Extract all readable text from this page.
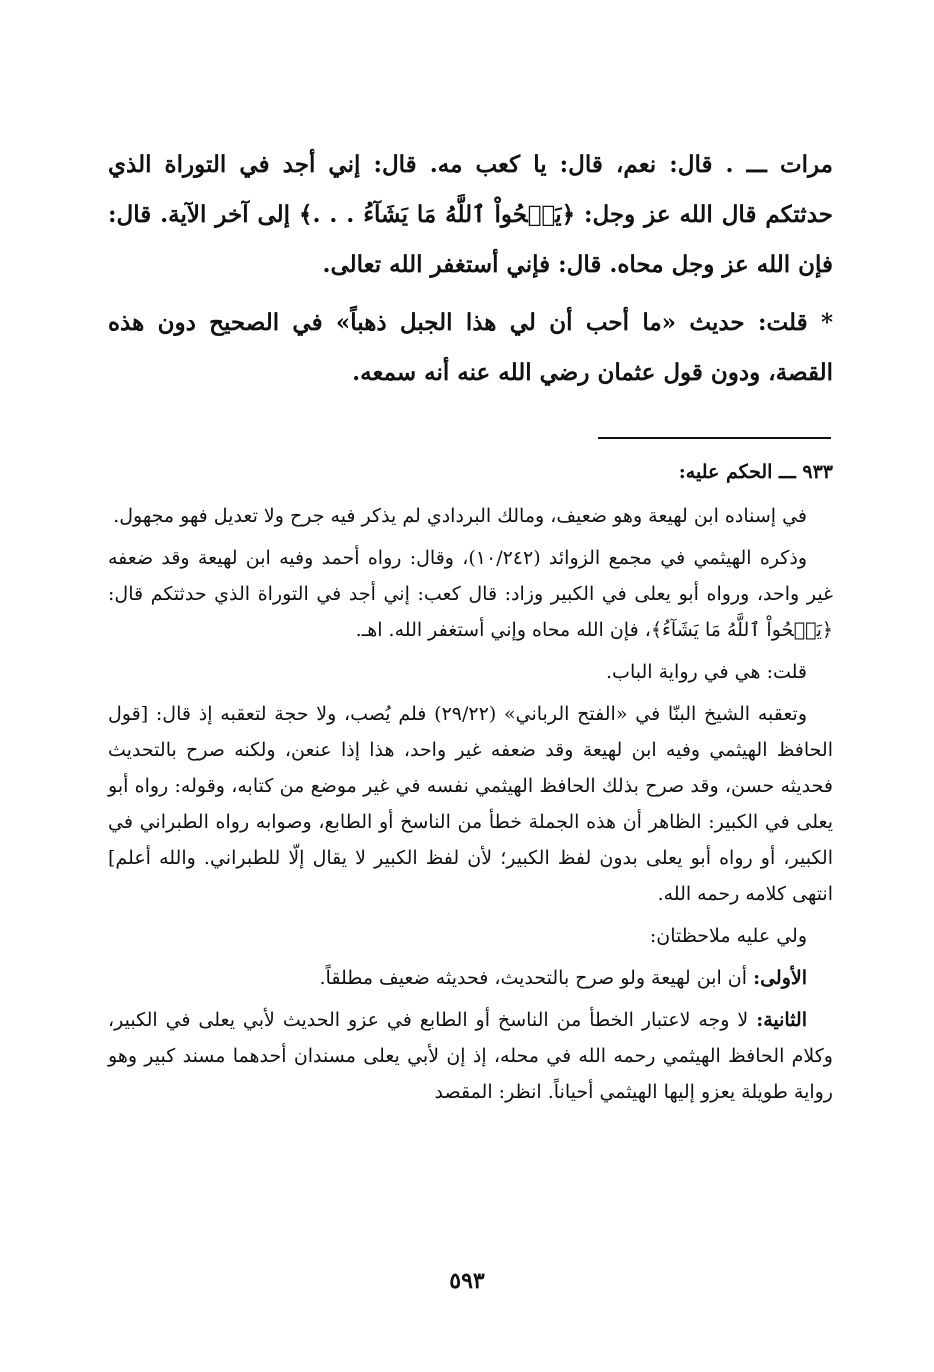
مرات ـــ . قال: نعم، قال: يا كعب مه. قال: إني أجد في التوراة الذي حدثتكم قال الله عز وجل: ﴿يَمۡحُواْ ٱللَّهُ مَا يَشَآءُ . . .﴾ إلى آخر الآية. قال: فإن الله عز وجل محاه. قال: فإني أستغفر الله تعالى.

* قلت: حديث «ما أحب أن لي هذا الجبل ذهباً» في الصحيح دون هذه القصة، ودون قول عثمان رضي الله عنه أنه سمعه.

٩٣٣ ـــ الحكم عليه:

في إسناده ابن لهيعة وهو ضعيف، ومالك البردادي لم يذكر فيه جرح ولا تعديل فهو مجهول.

وذكره الهيثمي في مجمع الزوائد (١٠/٢٤٢)، وقال: رواه أحمد وفيه ابن لهيعة وقد ضعفه غير واحد، ورواه أبو يعلى في الكبير وزاد: قال كعب: إني أجد في التوراة الذي حدثتكم قال: ﴿يَمۡحُواْ ٱللَّهُ مَا يَشَآءُ﴾، فإن الله محاه وإني أستغفر الله. اهـ.

قلت: هي في رواية الباب.

وتعقبه الشيخ البنّا في «الفتح الرباني» (٢٩/٢٢) فلم يُصب، ولا حجة لتعقبه إذ قال: [قول الحافظ الهيثمي وفيه ابن لهيعة وقد ضعفه غير واحد، هذا إذا عنعن، ولكنه صرح بالتحديث فحديثه حسن، وقد صرح بذلك الحافظ الهيثمي نفسه في غير موضع من كتابه، وقوله: رواه أبو يعلى في الكبير: الظاهر أن هذه الجملة خطأ من الناسخ أو الطابع، وصوابه رواه الطبراني في الكبير، أو رواه أبو يعلى بدون لفظ الكبير؛ لأن لفظ الكبير لا يقال إلّا للطبراني. والله أعلم] انتهى كلامه رحمه الله.

ولي عليه ملاحظتان:

الأولى: أن ابن لهيعة ولو صرح بالتحديث، فحديثه ضعيف مطلقاً.

الثانية: لا وجه لاعتبار الخطأ من الناسخ أو الطابع في عزو الحديث لأبي يعلى في الكبير، وكلام الحافظ الهيثمي رحمه الله في محله، إذ إن لأبي يعلى مسندان أحدهما مسند كبير وهو رواية طويلة يعزو إليها الهيثمي أحياناً. انظر: المقصد

٥٩٣
